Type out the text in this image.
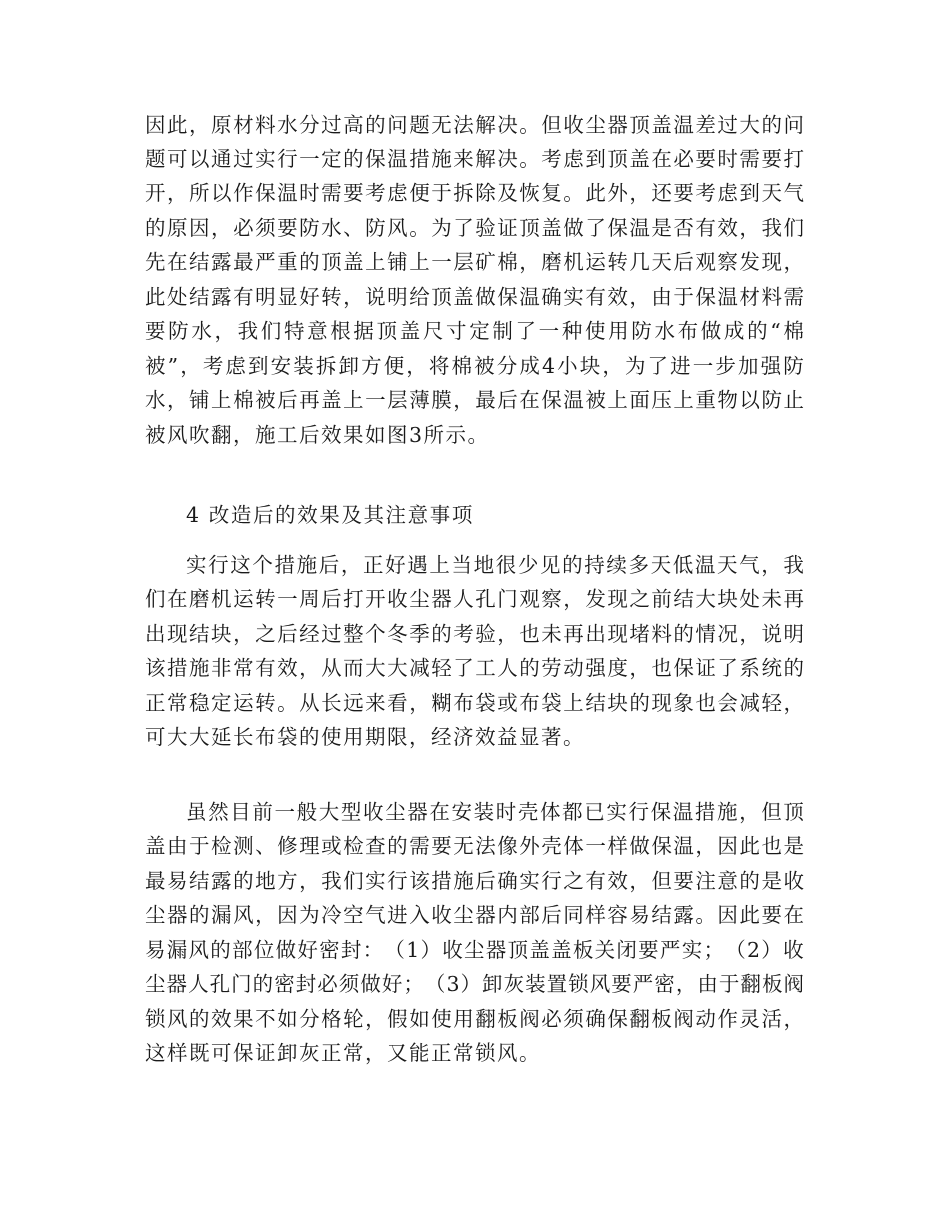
因 此 ， 原 材 料 水 分 过 高 的 问 题 无 法 解 决 。 但 收 尘 器 顶 盖 温 差 过 大 的 问
题 可 以 通 过 实 行 一 定 的 保 温 措 施 来 解 决 。 考 虑 到 顶 盖 在 必 要 时 需 要 打
开 ， 所 以 作 保 温 时 需 要 考 虑 便 于 拆 除 及 恢 复 。 此 外 ， 还 要 考 虑 到 天 气
的 原 因 ， 必 须 要 防 水 、 防 风 。 为 了 验 证 顶 盖 做 了 保 温 是 否 有 效 ， 我 们
先 在 结 露 最 严 重 的 顶 盖 上 铺 上 一 层 矿 棉 ， 磨 机 运 转 几 天 后 观 察 发 现 ，
此 处 结 露 有 明 显 好 转 ， 说 明 给 顶 盖 做 保 温 确 实 有 效 ， 由 于 保 温 材 料 需
要 防 水 ， 我 们 特 意 根 据 顶 盖 尺 寸 定 制 了 一 种 使 用 防 水 布 做 成 的 “ 棉
被 ” ， 考 虑 到 安 装 拆 卸 方 便 ， 将 棉 被 分 成 4 小 块 ， 为 了 进 一 步 加 强 防
水 ， 铺 上 棉 被 后 再 盖 上 一 层 薄 膜 ， 最 后 在 保 温 被 上 面 压 上 重 物 以 防 止
被风吹翻，施工后效果如图3所示。
4 改造后的效果及其注意事项
实 行 这 个 措 施 后 ， 正 好 遇 上 当 地 很 少 见 的 持 续 多 天 低 温 天 气 ， 我
们 在 磨 机 运 转 一 周 后 打 开 收 尘 器 人 孔 门 观 察 ， 发 现 之 前 结 大 块 处 未 再
出 现 结 块 ， 之 后 经 过 整 个 冬 季 的 考 验 ， 也 未 再 出 现 堵 料 的 情 况 ， 说 明
该 措 施 非 常 有 效 ， 从 而 大 大 减 轻 了 工 人 的 劳 动 强 度 ， 也 保 证 了 系 统 的
正 常 稳 定 运 转 。 从 长 远 来 看 ， 糊 布 袋 或 布 袋 上 结 块 的 现 象 也 会 减 轻 ，
可大大延长布袋的使用期限，经济效益显著。
虽 然 目 前 一 般 大 型 收 尘 器 在 安 装 时 壳 体 都 已 实 行 保 温 措 施 ， 但 顶
盖 由 于 检 测 、 修 理 或 检 查 的 需 要 无 法 像 外 壳 体 一 样 做 保 温 ， 因 此 也 是
最 易 结 露 的 地 方 ， 我 们 实 行 该 措 施 后 确 实 行 之 有 效 ， 但 要 注 意 的 是 收
尘 器 的 漏 风 ， 因 为 冷 空 气 进 入 收 尘 器 内 部 后 同 样 容 易 结 露 。 因 此 要 在
易 漏 风 的 部 位 做 好 密 封 ： （ 1 ） 收 尘 器 顶 盖 盖 板 关 闭 要 严 实 ； （ 2 ） 收
尘 器 人 孔 门 的 密 封 必 须 做 好 ； （ 3 ） 卸 灰 装 置 锁 风 要 严 密 ， 由 于 翻 板 阀
锁 风 的 效 果 不 如 分 格 轮 ， 假 如 使 用 翻 板 阀 必 须 确 保 翻 板 阀 动 作 灵 活 ，
这样既可保证卸灰正常，又能正常锁风。
